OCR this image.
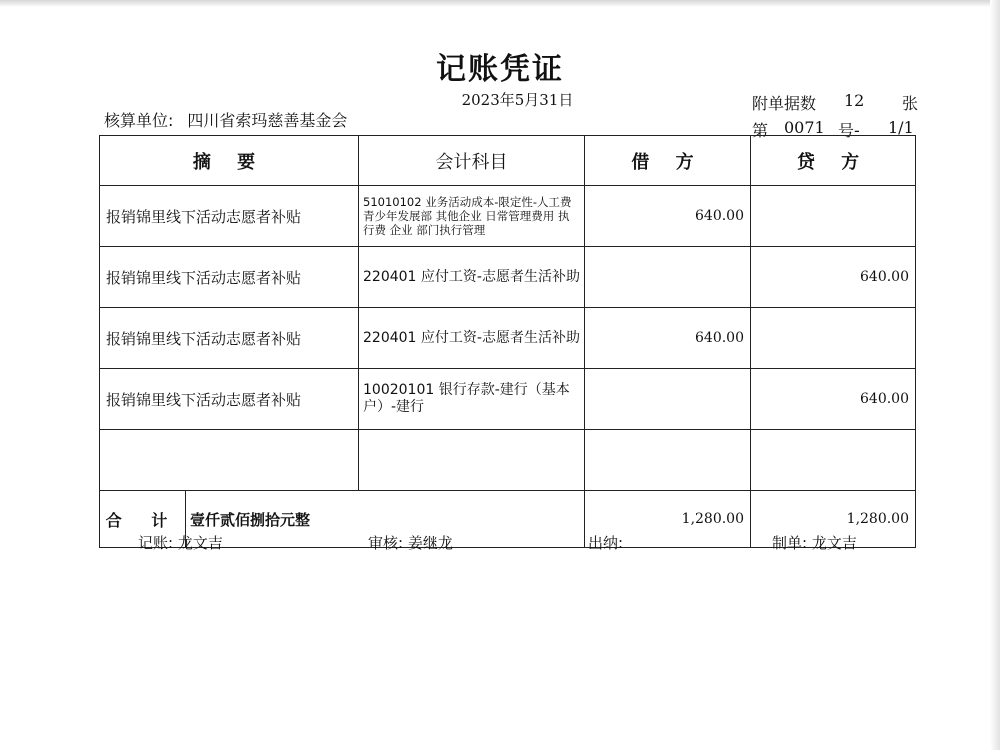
记账凭证
2023年5月31日
核算单位: 四川省索玛慈善基金会
附单据数 12 张
第 0071 号- 1/1
摘 要		会计科目	借 方	贷 方
报销锦里线下活动志愿者补贴		51010102 业务活动成本-限定性-人工费 青少年发展部 其他企业 日常管理费用 执行费 企业 部门执行管理	640.00	
报销锦里线下活动志愿者补贴		220401 应付工资-志愿者生活补助		640.00
报销锦里线下活动志愿者补贴		220401 应付工资-志愿者生活补助	640.00	
报销锦里线下活动志愿者补贴		10020101 银行存款-建行（基本户）-建行		640.00

合 计	壹仟贰佰捌拾元整		1,280.00	1,280.00
记账: 龙文吉	审核: 姜继龙	出纳:	制单: 龙文吉
